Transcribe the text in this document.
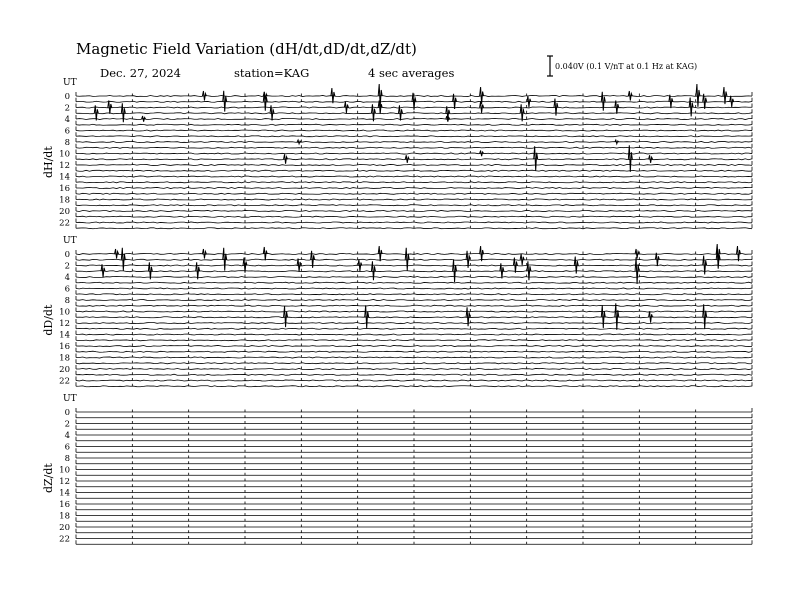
Magnetic Field Variation (dH/dt,dD/dt,dZ/dt)
Dec. 27, 2024	station=KAG	4 sec averages	0.040V (0.1 V/nT at 0.1 Hz at KAG)
UT
dH/dt
0
2
4
6
8
10
12
14
16
18
20
22
UT
dD/dt
0
2
4
6
8
10
12
14
16
18
20
22
UT
dZ/dt
0
2
4
6
8
10
12
14
16
18
20
22
